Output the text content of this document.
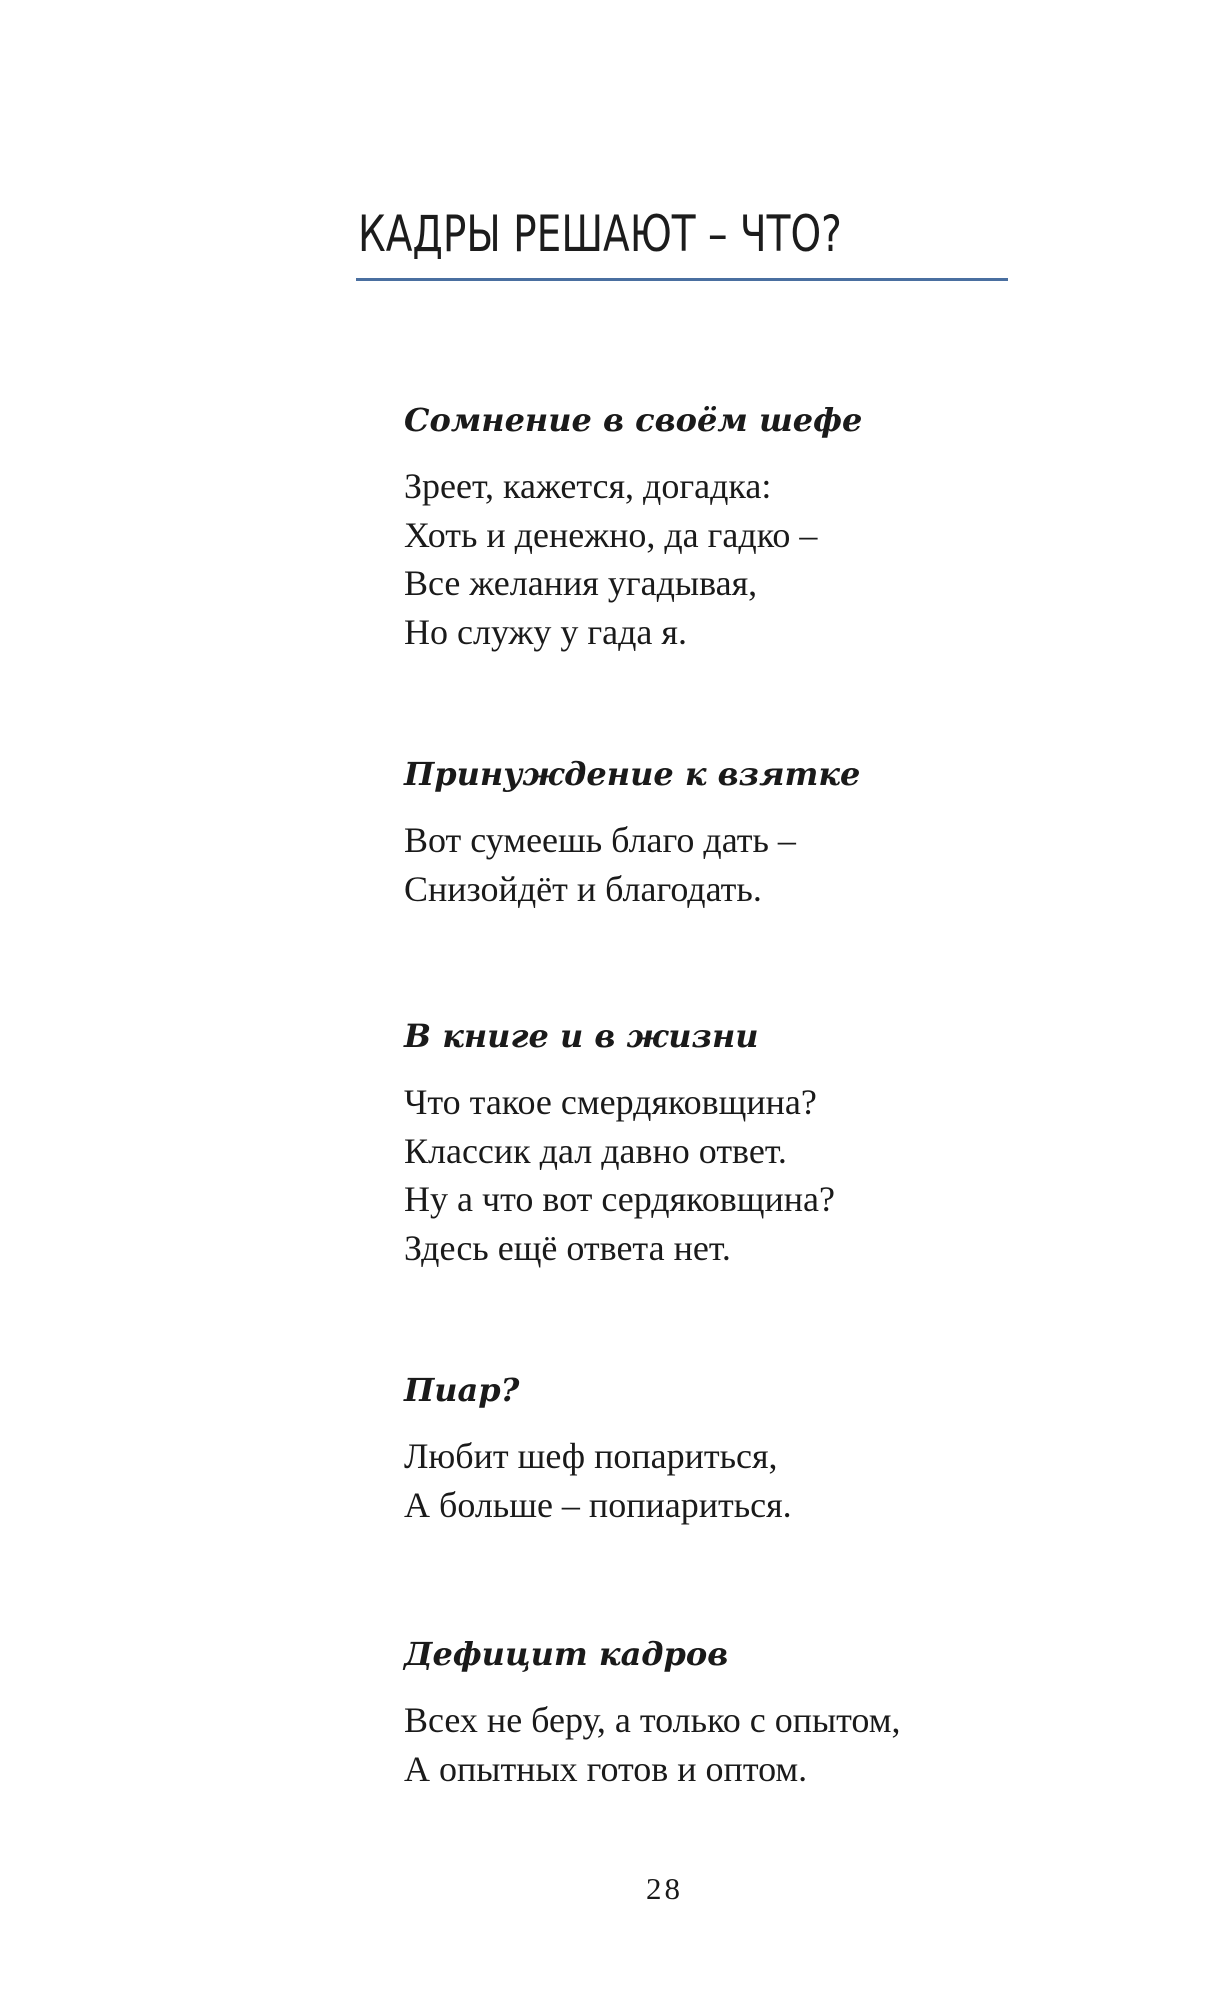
КАДРЫ РЕШАЮТ – ЧТО?
Сомнение в своём шефе
Зреет, кажется, догадка:
Хоть и денежно, да гадко –
Все желания угадывая,
Но служу у гада я.
Принуждение к взятке
Вот сумеешь благо дать –
Снизойдёт и благодать.
В книге и в жизни
Что такое смердяковщина?
Классик дал давно ответ.
Ну а что вот сердяковщина?
Здесь ещё ответа нет.
Пиар?
Любит шеф попариться,
А больше – попиариться.
Дефицит кадров
Всех не беру, а только с опытом,
А опытных готов и оптом.
28
